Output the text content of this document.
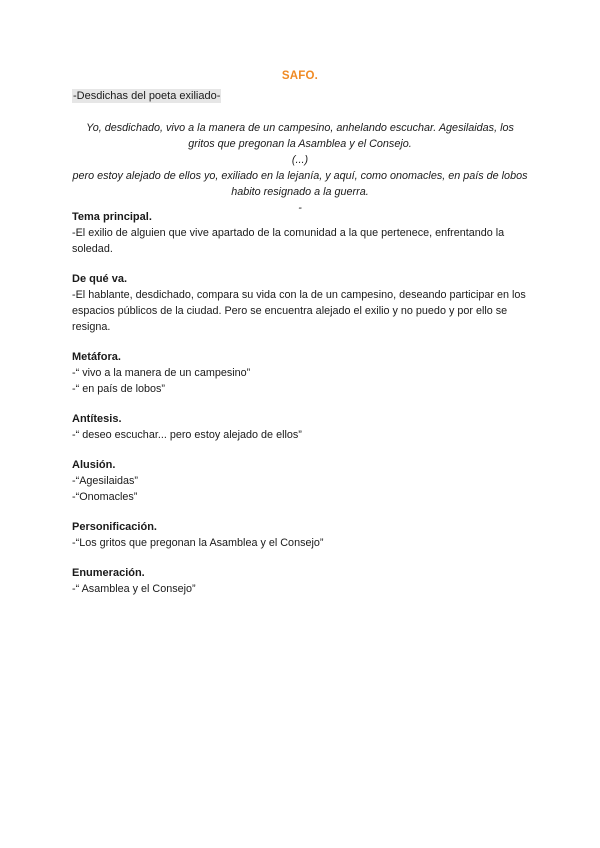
SAFO.
-Desdichas del poeta exiliado-
Yo, desdichado, vivo a la manera de un campesino, anhelando escuchar. Agesilaidas, los
gritos que pregonan la Asamblea y el Consejo.
(...)
pero estoy alejado de ellos yo, exiliado en la lejanía, y aquí, como onomacles, en país de lobos
habito resignado a la guerra.
-
Tema principal.
-El exilio de alguien que vive apartado de la comunidad a la que pertenece, enfrentando la soledad.
De qué va.
-El hablante, desdichado, compara su vida con la de un campesino, deseando participar en los espacios públicos de la ciudad. Pero se encuentra alejado el exilio y no puedo y por ello se resigna.
Metáfora.
-“ vivo a la manera de un campesino”
-“ en país de lobos”
Antítesis.
-“ deseo escuchar... pero estoy alejado de ellos”
Alusión.
-“Agesilaidas”
-“Onomacles”
Personificación.
-“Los gritos que pregonan la Asamblea y el Consejo”
Enumeración.
-“ Asamblea y el Consejo”
